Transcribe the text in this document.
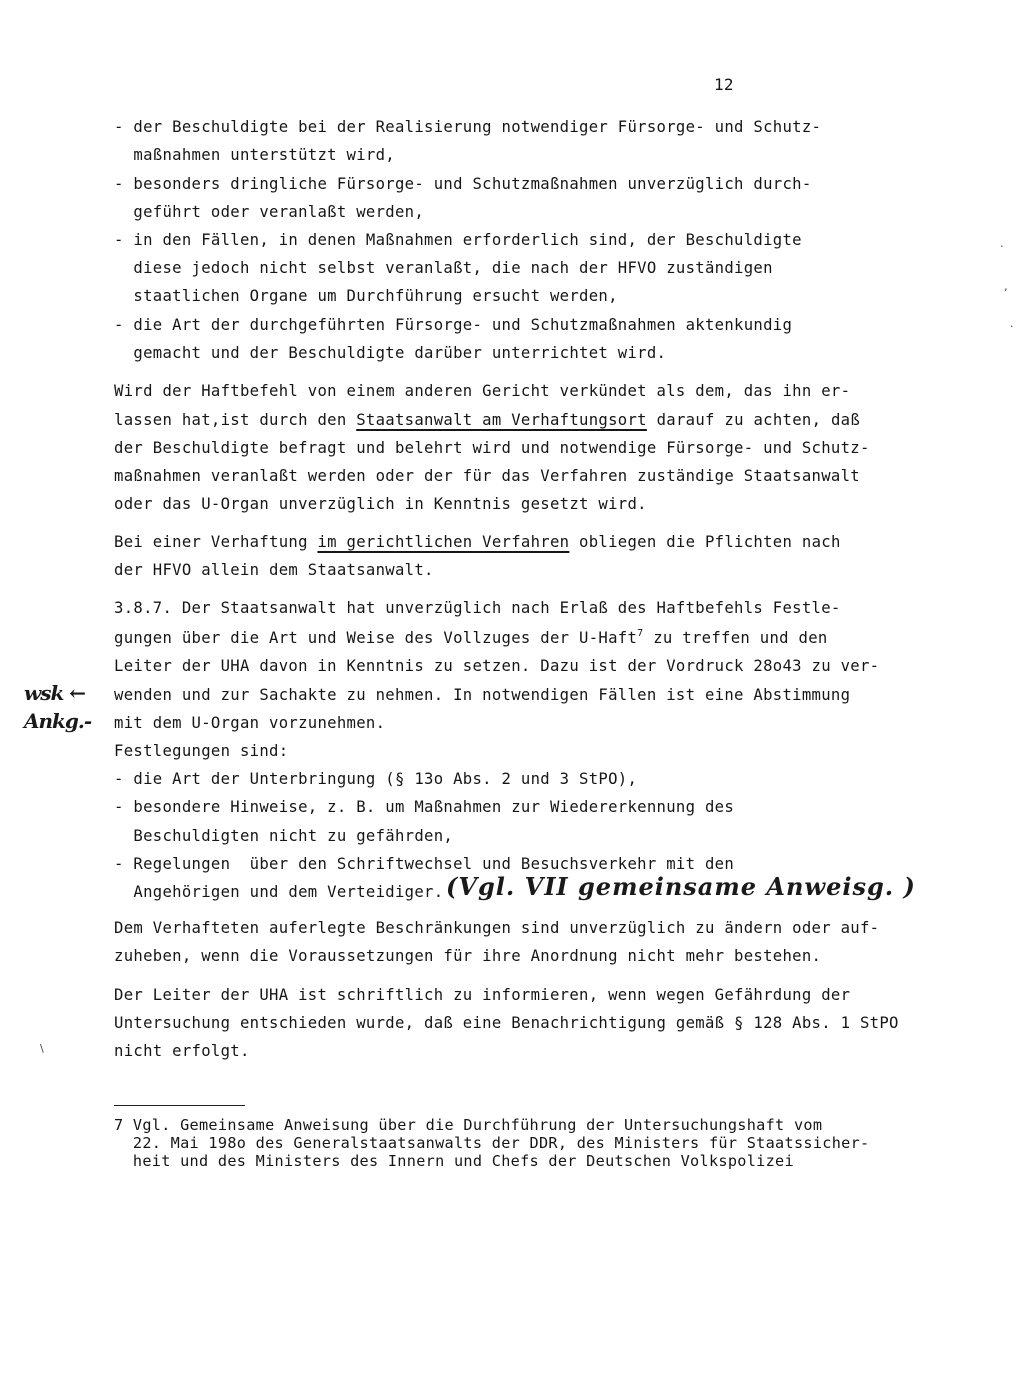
12
- der Beschuldigte bei der Realisierung notwendiger Fürsorge- und Schutz-
maßnahmen unterstützt wird,
- besonders dringliche Fürsorge- und Schutzmaßnahmen unverzüglich durch-
geführt oder veranlaßt werden,
- in den Fällen, in denen Maßnahmen erforderlich sind, der Beschuldigte
diese jedoch nicht selbst veranlaßt, die nach der HFVO zuständigen
staatlichen Organe um Durchführung ersucht werden,
- die Art der durchgeführten Fürsorge- und Schutzmaßnahmen aktenkundig
gemacht und der Beschuldigte darüber unterrichtet wird.
Wird der Haftbefehl von einem anderen Gericht verkündet als dem, das ihn er-
lassen hat,ist durch den Staatsanwalt am Verhaftungsort darauf zu achten, daß
der Beschuldigte befragt und belehrt wird und notwendige Fürsorge- und Schutz-
maßnahmen veranlaßt werden oder der für das Verfahren zuständige Staatsanwalt
oder das U-Organ unverzüglich in Kenntnis gesetzt wird.
Bei einer Verhaftung im gerichtlichen Verfahren obliegen die Pflichten nach
der HFVO allein dem Staatsanwalt.
3.8.7. Der Staatsanwalt hat unverzüglich nach Erlaß des Haftbefehls Festle-
gungen über die Art und Weise des Vollzuges der U-Haft$^7$ zu treffen und den
Leiter der UHA davon in Kenntnis zu setzen. Dazu ist der Vordruck 28o43 zu ver-
wenden und zur Sachakte zu nehmen. In notwendigen Fällen ist eine Abstimmung
mit dem U-Organ vorzunehmen.
Festlegungen sind:
wsk ←
Ankg.-
- die Art der Unterbringung (§ 13o Abs. 2 und 3 StPO),
- besondere Hinweise, z. B. um Maßnahmen zur Wiedererkennung des
Beschuldigten nicht zu gefährden,
- Regelungen  über den Schriftwechsel und Besuchsverkehr mit den
Angehörigen und dem Verteidiger. (Vgl. VII gemeinsame Anweisg. )
Dem Verhafteten auferlegte Beschränkungen sind unverzüglich zu ändern oder auf-
zuheben, wenn die Voraussetzungen für ihre Anordnung nicht mehr bestehen.
Der Leiter der UHA ist schriftlich zu informieren, wenn wegen Gefährdung der
Untersuchung entschieden wurde, daß eine Benachrichtigung gemäß § 128 Abs. 1 StPO
nicht erfolgt.
7 Vgl. Gemeinsame Anweisung über die Durchführung der Untersuchungshaft vom
22. Mai 198o des Generalstaatsanwalts der DDR, des Ministers für Staatssicher-
heit und des Ministers des Innern und Chefs der Deutschen Volkspolizei
·
‚
·
\
